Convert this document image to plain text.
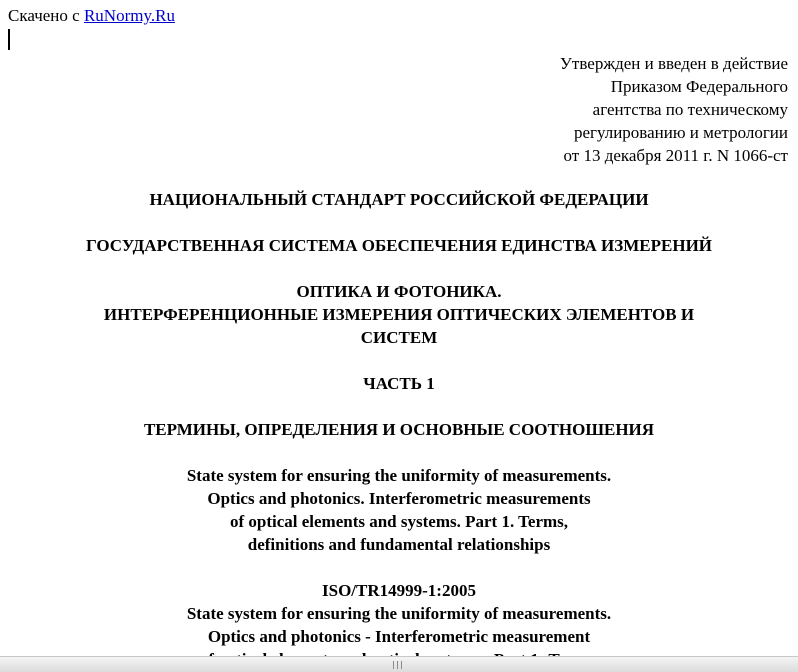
Скачено с RuNormy.Ru
Утвержден и введен в действие
Приказом Федерального
агентства по техническому
регулированию и метрологии
от 13 декабря 2011 г. N 1066-ст
НАЦИОНАЛЬНЫЙ СТАНДАРТ РОССИЙСКОЙ ФЕДЕРАЦИИ
ГОСУДАРСТВЕННАЯ СИСТЕМА ОБЕСПЕЧЕНИЯ ЕДИНСТВА ИЗМЕРЕНИЙ
ОПТИКА И ФОТОНИКА.
ИНТЕРФЕРЕНЦИОННЫЕ ИЗМЕРЕНИЯ ОПТИЧЕСКИХ ЭЛЕМЕНТОВ И
СИСТЕМ
ЧАСТЬ 1
ТЕРМИНЫ, ОПРЕДЕЛЕНИЯ И ОСНОВНЫЕ СООТНОШЕНИЯ
State system for ensuring the uniformity of measurements.
Optics and photonics. Interferometric measurements
of optical elements and systems. Part 1. Terms,
definitions and fundamental relationships
ISO/TR14999-1:2005
State system for ensuring the uniformity of measurements.
Optics and photonics - Interferometric measurement
